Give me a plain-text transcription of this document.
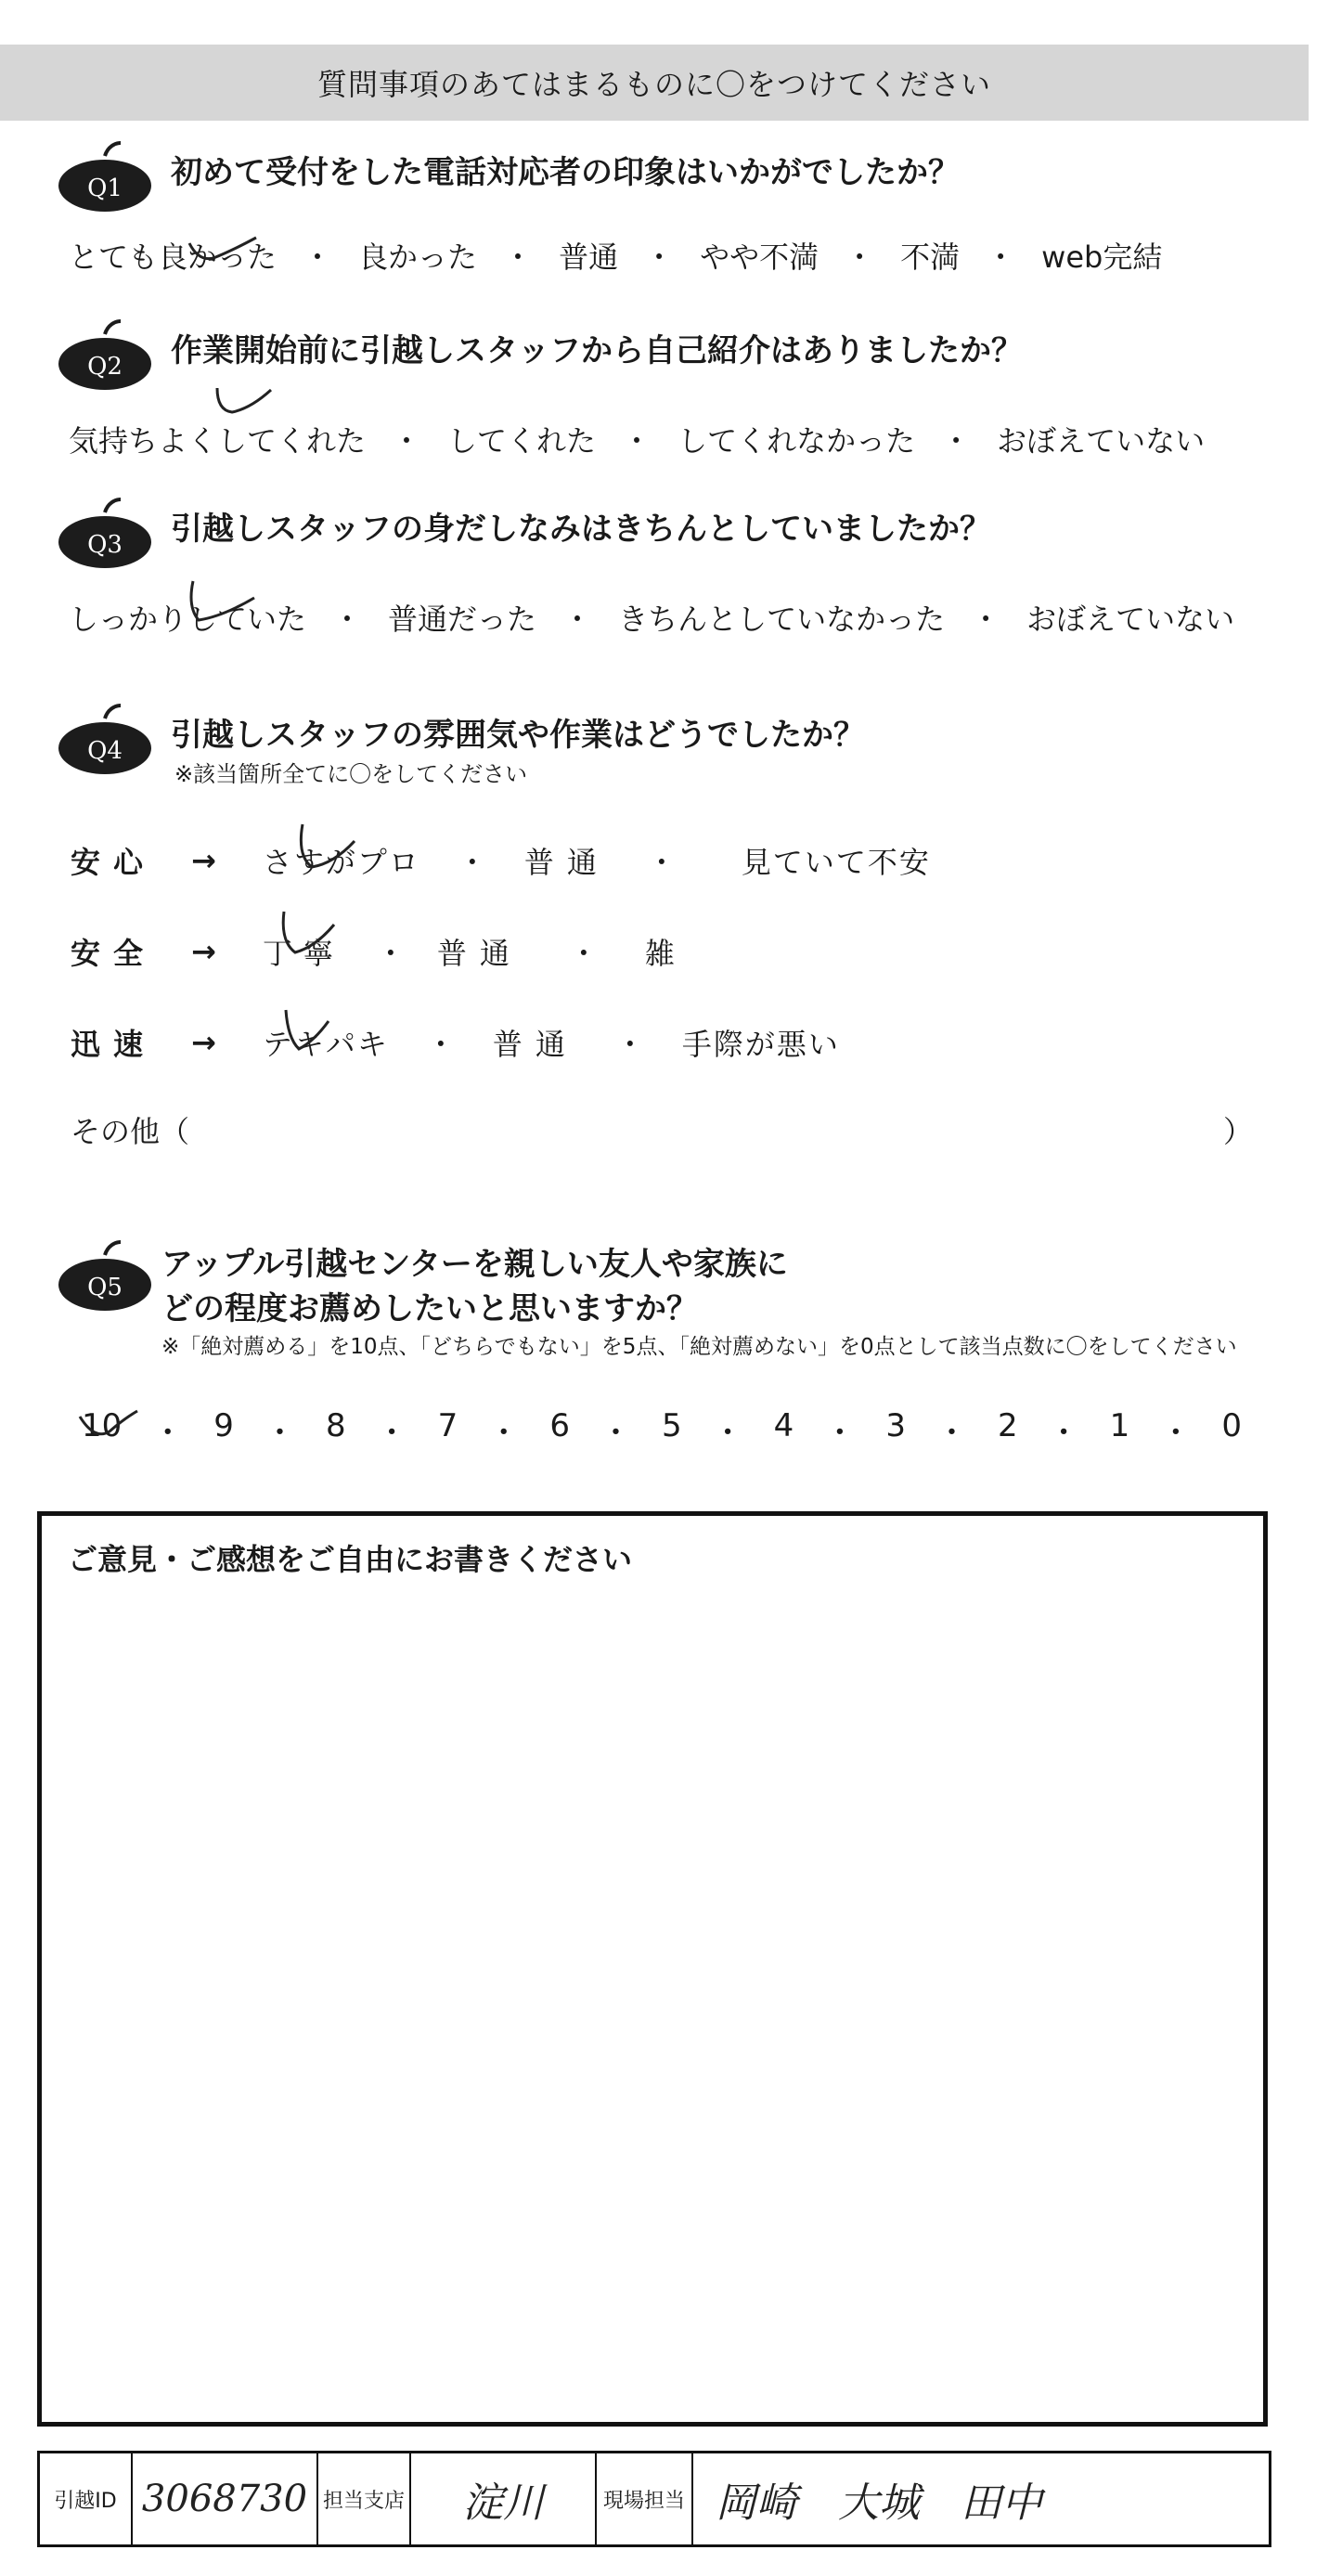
質問事項のあてはまるものに〇をつけてください
Q1 初めて受付をした電話対応者の印象はいかがでしたか？
とても良かった ・ 良かった ・ 普通 ・ やや不満 ・ 不満 ・ web完結
Q2 作業開始前に引越しスタッフから自己紹介はありましたか？
気持ちよくしてくれた ・ してくれた ・ してくれなかった ・ おぼえていない
Q3 引越しスタッフの身だしなみはきちんとしていましたか？
しっかりしていた ・ 普通だった ・ きちんとしていなかった ・ おぼえていない
Q4 引越しスタッフの雰囲気や作業はどうでしたか？
※該当箇所全てに〇をしてください
安心	→ さすがプロ ・ 普通 ・ 見ていて不安
安全	→ 丁寧 ・ 普通 ・ 雑
迅速	→ テキパキ ・ 普通 ・ 手際が悪い
その他（	）
Q5
アップル引越センターを親しい友人や家族に
どの程度お薦めしたいと思いますか？
※「絶対薦める」を10点、「どちらでもない」を5点、「絶対薦めない」を0点として該当点数に〇をしてください
10 ・ 9 ・ 8 ・ 7 ・ 6 ・ 5 ・ 4 ・ 3 ・ 2 ・ 1 ・ 0
ご意見・ご感想をご自由にお書きください
引越ID 3068730 担当支店	淀川	現場担当 岡崎　大城　田中
